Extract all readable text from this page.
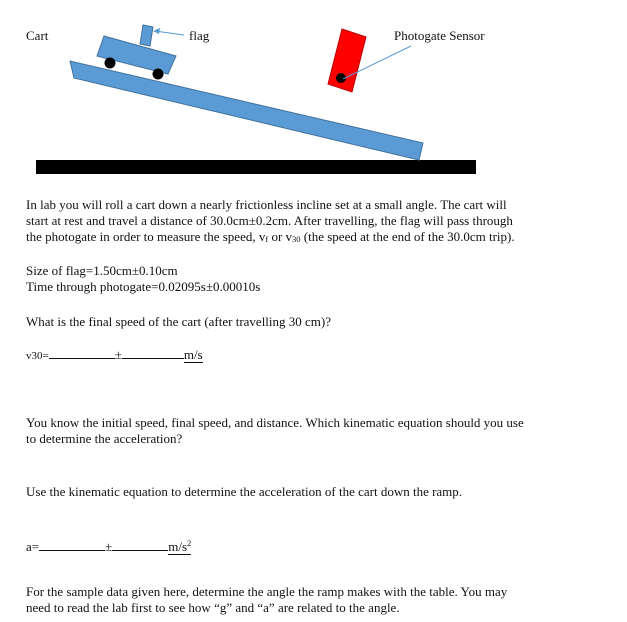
Cart	flag	Photogate Sensor

In lab you will roll a cart down a nearly frictionless incline set at a small angle. The cart will
start at rest and travel a distance of 30.0cm±0.2cm. After travelling, the flag will pass through
the photogate in order to measure the speed, vf or v30 (the speed at the end of the 30.0cm trip).

Size of flag=1.50cm±0.10cm
Time through photogate=0.02095s±0.00010s

What is the final speed of the cart (after travelling 30 cm)?

v30=	±	m/s

You know the initial speed, final speed, and distance. Which kinematic equation should you use
to determine the acceleration?

Use the kinematic equation to determine the acceleration of the cart down the ramp.

a=	±	$m/s^2$

For the sample data given here, determine the angle the ramp makes with the table. You may
need to read the lab first to see how “g” and “a” are related to the angle.
